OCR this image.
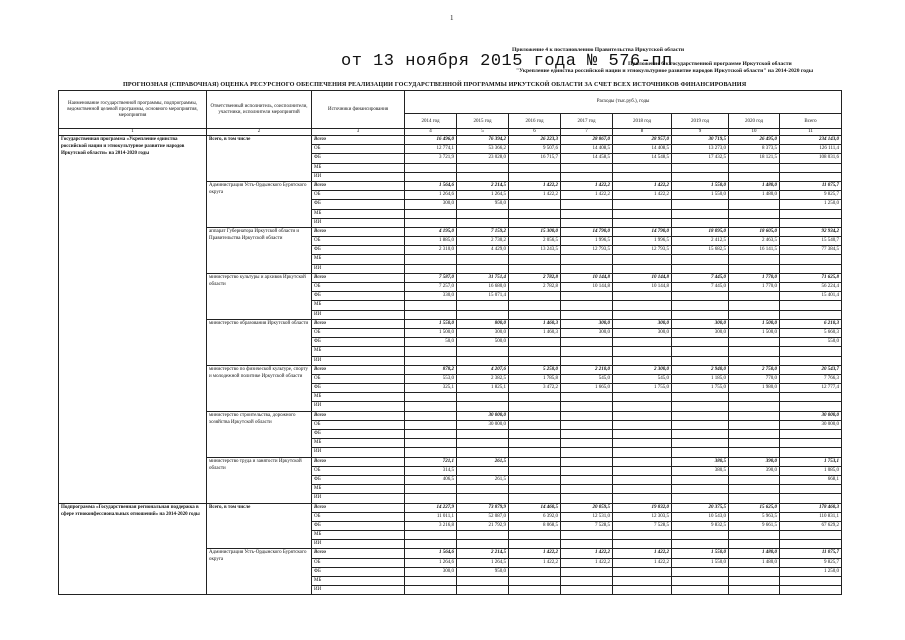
1
Приложение 4 к постановлению Правительства Иркутской области
от 13 ноября 2015 года № 576-пп
Приложение 6 к государственной программе Иркутской области
"Укрепление единства российской нации и этнокультурное развитие народов Иркутской области" на 2014-2020 годы
ПРОГНОЗНАЯ (СПРАВОЧНАЯ) ОЦЕНКА РЕСУРСНОГО ОБЕСПЕЧЕНИЯ РЕАЛИЗАЦИИ ГОСУДАРСТВЕННОЙ ПРОГРАММЫ ИРКУТСКОЙ ОБЛАСТИ ЗА СЧЕТ ВСЕХ ИСТОЧНИКОВ ФИНАНСИРОВАНИЯ
Наименование государственной программы, подпрограммы, ведомственной целевой программы, основного мероприятия, мероприятия	Ответственный исполнитель, соисполнители, участники, исполнители мероприятий	Источники финансирования	Расходы (тыс.руб.), годы							
			2014 год	2015 год	2016 год	2017 год	2018 год	2019 год	2020 год	Всего
1	2	3	4	5	6	7	8	9	10	11
Государственная программа «Укрепление единства российской нации и этнокультурное развитие народов Иркутской области» на 2014-2020 годы	Всего, в том числе	Всего	16 496,0	76 394,2	26 223,3	28 867,0	28 957,0	30 719,5	26 495,0	234 143,0
		ОБ	12 774,1	53 366,2	9 507,6	14 408,5	14 408,5	13 273,0	8 373,5	126 111,4
		ФБ	3 721,9	23 028,0	16 715,7	14 458,5	14 548,5	17 432,5	18 121,5	108 031,6
		МБ								
		ИИ								
	Администрация Усть-Ордынского Бурятского округа	Всего	1 564,6	2 214,5	1 422,2	1 422,2	1 422,2	1 550,0	1 480,0	11 075,7
		ОБ	1 264,6	1 264,5	1 422,2	1 422,2	1 422,2	1 550,0	1 480,0	9 825,7
		ФБ	300,0	950,0						1 250,0
		МБ								
		ИИ								
	аппарат Губернатора Иркутской области и Правительства Иркутской области	Всего	4 195,0	7 159,2	15 300,0	14 790,0	14 790,0	18 095,0	18 605,0	92 934,2
		ОБ	1 885,0	2 730,2	2 056,5	1 996,5	1 996,5	2 412,5	2 463,5	15 540,7
		ФБ	2 310,0	4 429,0	13 243,5	12 793,5	12 793,5	15 682,5	16 141,5	77 384,5
		МБ								
		ИИ								
	министерство культуры и архивов Иркутской области	Всего	7 587,0	31 751,4	2 782,8	10 144,8	10 144,8	7 445,0	1 770,0	71 625,8
		ОБ	7 257,0	16 680,0	2 782,8	10 144,8	10 144,8	7 445,0	1 770,0	56 224,4
		ФБ	330,0	15 071,4						15 401,4
		МБ								
		ИИ								
	министерство образования Иркутской области	Всего	1 550,0	800,0	1 460,3	300,0	300,0	300,0	1 500,0	6 210,3
		ОБ	1 500,0	300,0	1 460,3	300,0	300,0	300,0	1 500,0	5 660,3
		ФБ	50,0	500,0						550,0
		МБ								
		ИИ								
	министерство по физической культуре, спорту и молодежной политике Иркутской области	Всего	878,2	4 207,6	5 258,0	2 210,0	2 300,0	2 940,0	2 750,0	20 543,7
		ОБ	553,0	2 382,5	1 785,8	545,0	545,0	1 185,0	770,0	7 766,3
		ФБ	325,1	1 825,1	3 472,2	1 665,0	1 755,0	1 755,0	1 980,0	12 777,4
		МБ								
		ИИ								
	министерство строительства, дорожного хозяйства Иркутской области	Всего		30 000,0						30 000,0
		ОБ		30 000,0						30 000,0
		ФБ								
		МБ								
		ИИ								
	министерство труда и занятости Иркутской области	Всего	721,1	261,5				380,5	390,0	1 753,1
		ОБ	314,5					380,5	390,0	1 085,0
		ФБ	406,5	261,5						668,1
		МБ								
		ИИ								
Подпрограмма «Государственная региональная поддержка в сфере этноконфессиональных отношений» на 2014-2020 годы	Всего, в том числе	Всего	14 227,9	73 879,9	14 460,5	20 059,5	19 832,0	20 375,5	15 625,0	178 460,3
		ОБ	11 011,1	52 087,0	6 392,0	12 531,0	12 303,5	10 543,0	5 963,5	110 831,1
		ФБ	3 216,8	21 792,9	8 068,5	7 528,5	7 528,5	9 832,5	9 661,5	67 629,2
		МБ								
		ИИ								
	Администрация Усть-Ордынского Бурятского округа	Всего	1 564,6	2 214,5	1 422,2	1 422,2	1 422,2	1 550,0	1 480,0	11 075,7
		ОБ	1 264,6	1 264,5	1 422,2	1 422,2	1 422,2	1 550,0	1 480,0	9 825,7
		ФБ	300,0	950,0						1 250,0
		МБ								
		ИИ								
